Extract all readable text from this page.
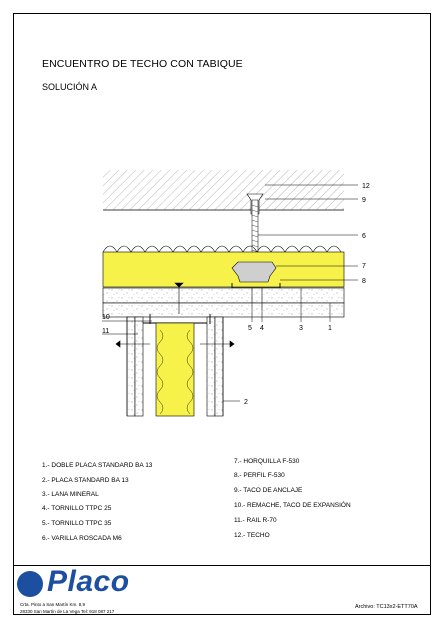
ENCUENTRO DE TECHO CON TABIQUE
SOLUCIÓN A
12
9
6
7
8
10
11	5 4	3	1
2
1.- DOBLE PLACA STANDARD BA 13
2.- PLACA STANDARD BA 13
3.- LANA MINERAL
4.- TORNILLO TTPC 25
5.- TORNILLO TTPC 35
6.- VARILLA ROSCADA M6
7.- HORQUILLA F-530
8.- PERFIL F-530
9.- TACO DE ANCLAJE
10.- REMACHE, TACO DE EXPANSIÓN
11.- RAIL R-70
12.- TECHO
Placo
Crta. Pinto a San Martín Km. 8,9
28330 San Martín de La Vega Tel: 918 087 217
Archivo: TC13x2-ETT70A
